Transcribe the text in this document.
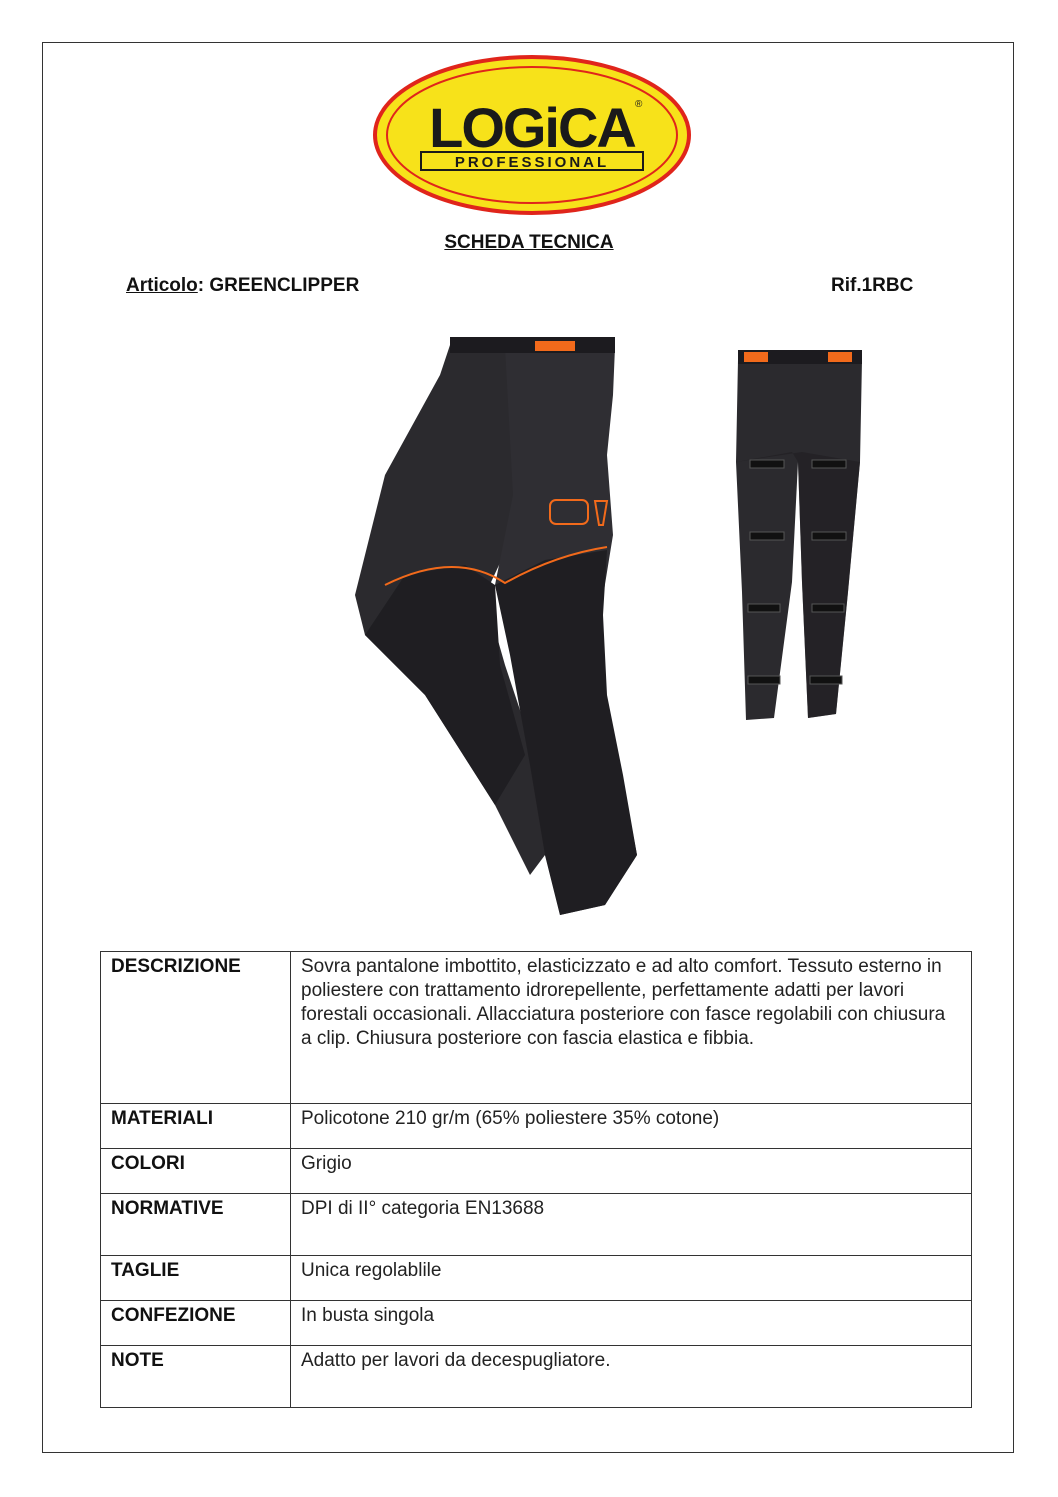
LOGiCA ®
PROFESSIONAL
SCHEDA TECNICA
Articolo: GREENCLIPPER	Rif.1RBC
DESCRIZIONE	Sovra pantalone imbottito, elasticizzato e ad alto comfort. Tessuto esterno in poliestere con trattamento idrorepellente, perfettamente adatti per lavori forestali occasionali. Allacciatura posteriore con fasce regolabili con chiusura a clip. Chiusura posteriore con fascia elastica e fibbia.
MATERIALI	Policotone 210 gr/m (65% poliestere 35% cotone)
COLORI	Grigio
NORMATIVE	DPI di II° categoria EN13688
TAGLIE	Unica regolablile
CONFEZIONE	In busta singola
NOTE	Adatto per lavori da decespugliatore.
